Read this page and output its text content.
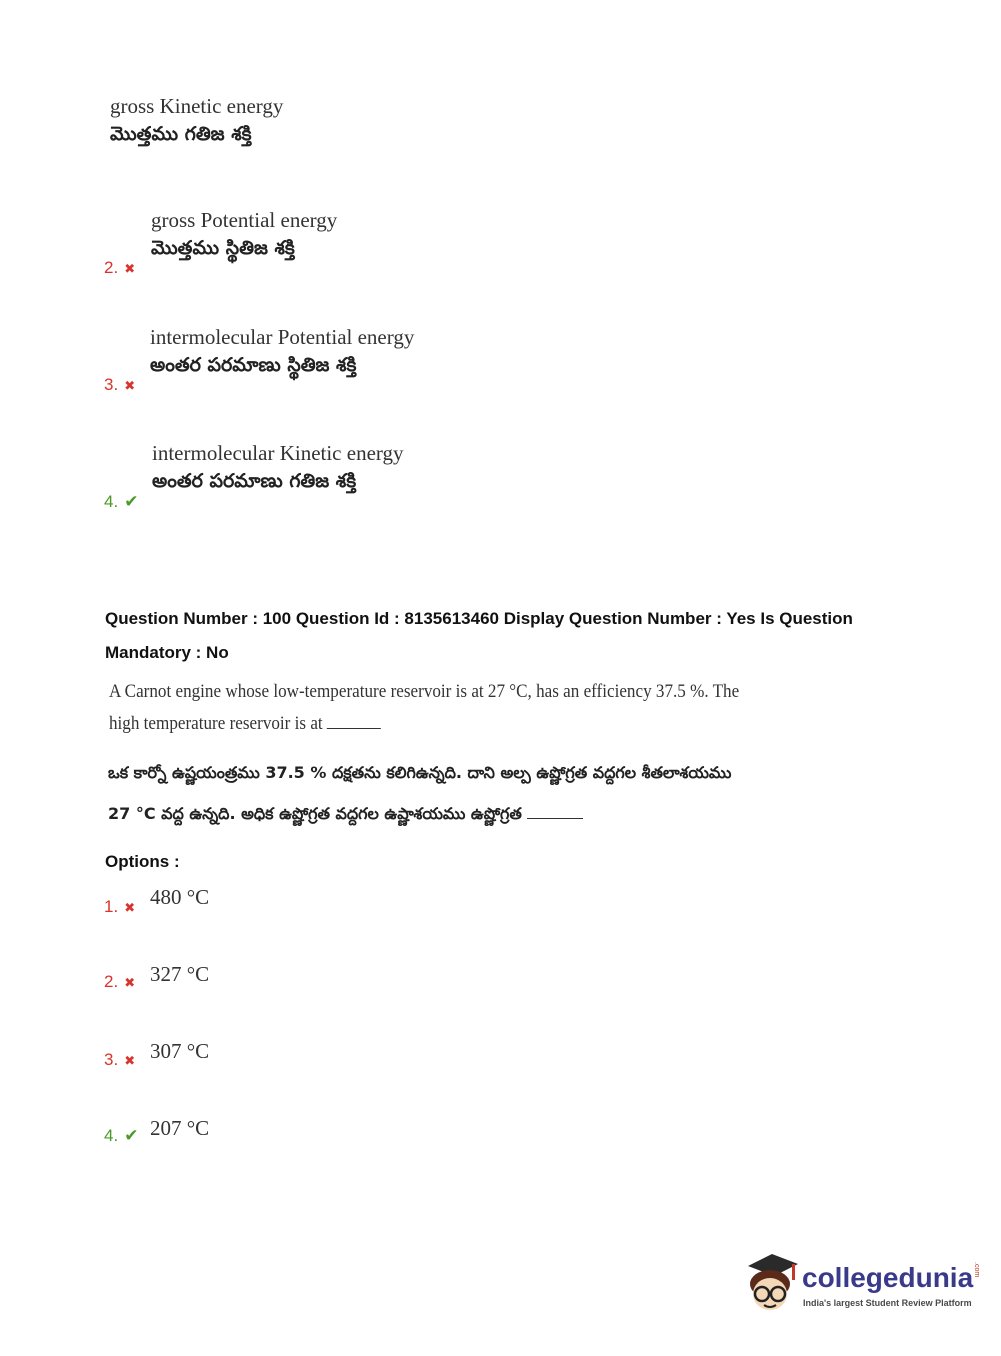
gross Kinetic energy
మొత్తము గతిజ శక్తి
2. ✖
gross Potential energy
మొత్తము స్థితిజ శక్తి
3. ✖
intermolecular Potential energy
అంతర పరమాణు స్థితిజ శక్తి
4. ✔
intermolecular Kinetic energy
అంతర పరమాణు గతిజ శక్తి
Question Number : 100 Question Id : 8135613460 Display Question Number : Yes Is Question
Mandatory : No
A Carnot engine whose low-temperature reservoir is at 27 °C, has an efficiency 37.5 %. The
high temperature reservoir is at
ఒక కార్నో ఉష్ణయంత్రము 37.5 % దక్షతను కలిగిఉన్నది. దాని అల్ప ఉష్ణోగ్రత వద్దగల శీతలాశయము
27 °C వద్ద ఉన్నది. అధిక ఉష్ణోగ్రత వద్దగల ఉష్ణాశయము ఉష్ణోగ్రత
Options :
1. ✖ 480 °C
2. ✖ 327 °C
3. ✖ 307 °C
4. ✔ 207 °C
collegedunia.com
India's largest Student Review Platform
